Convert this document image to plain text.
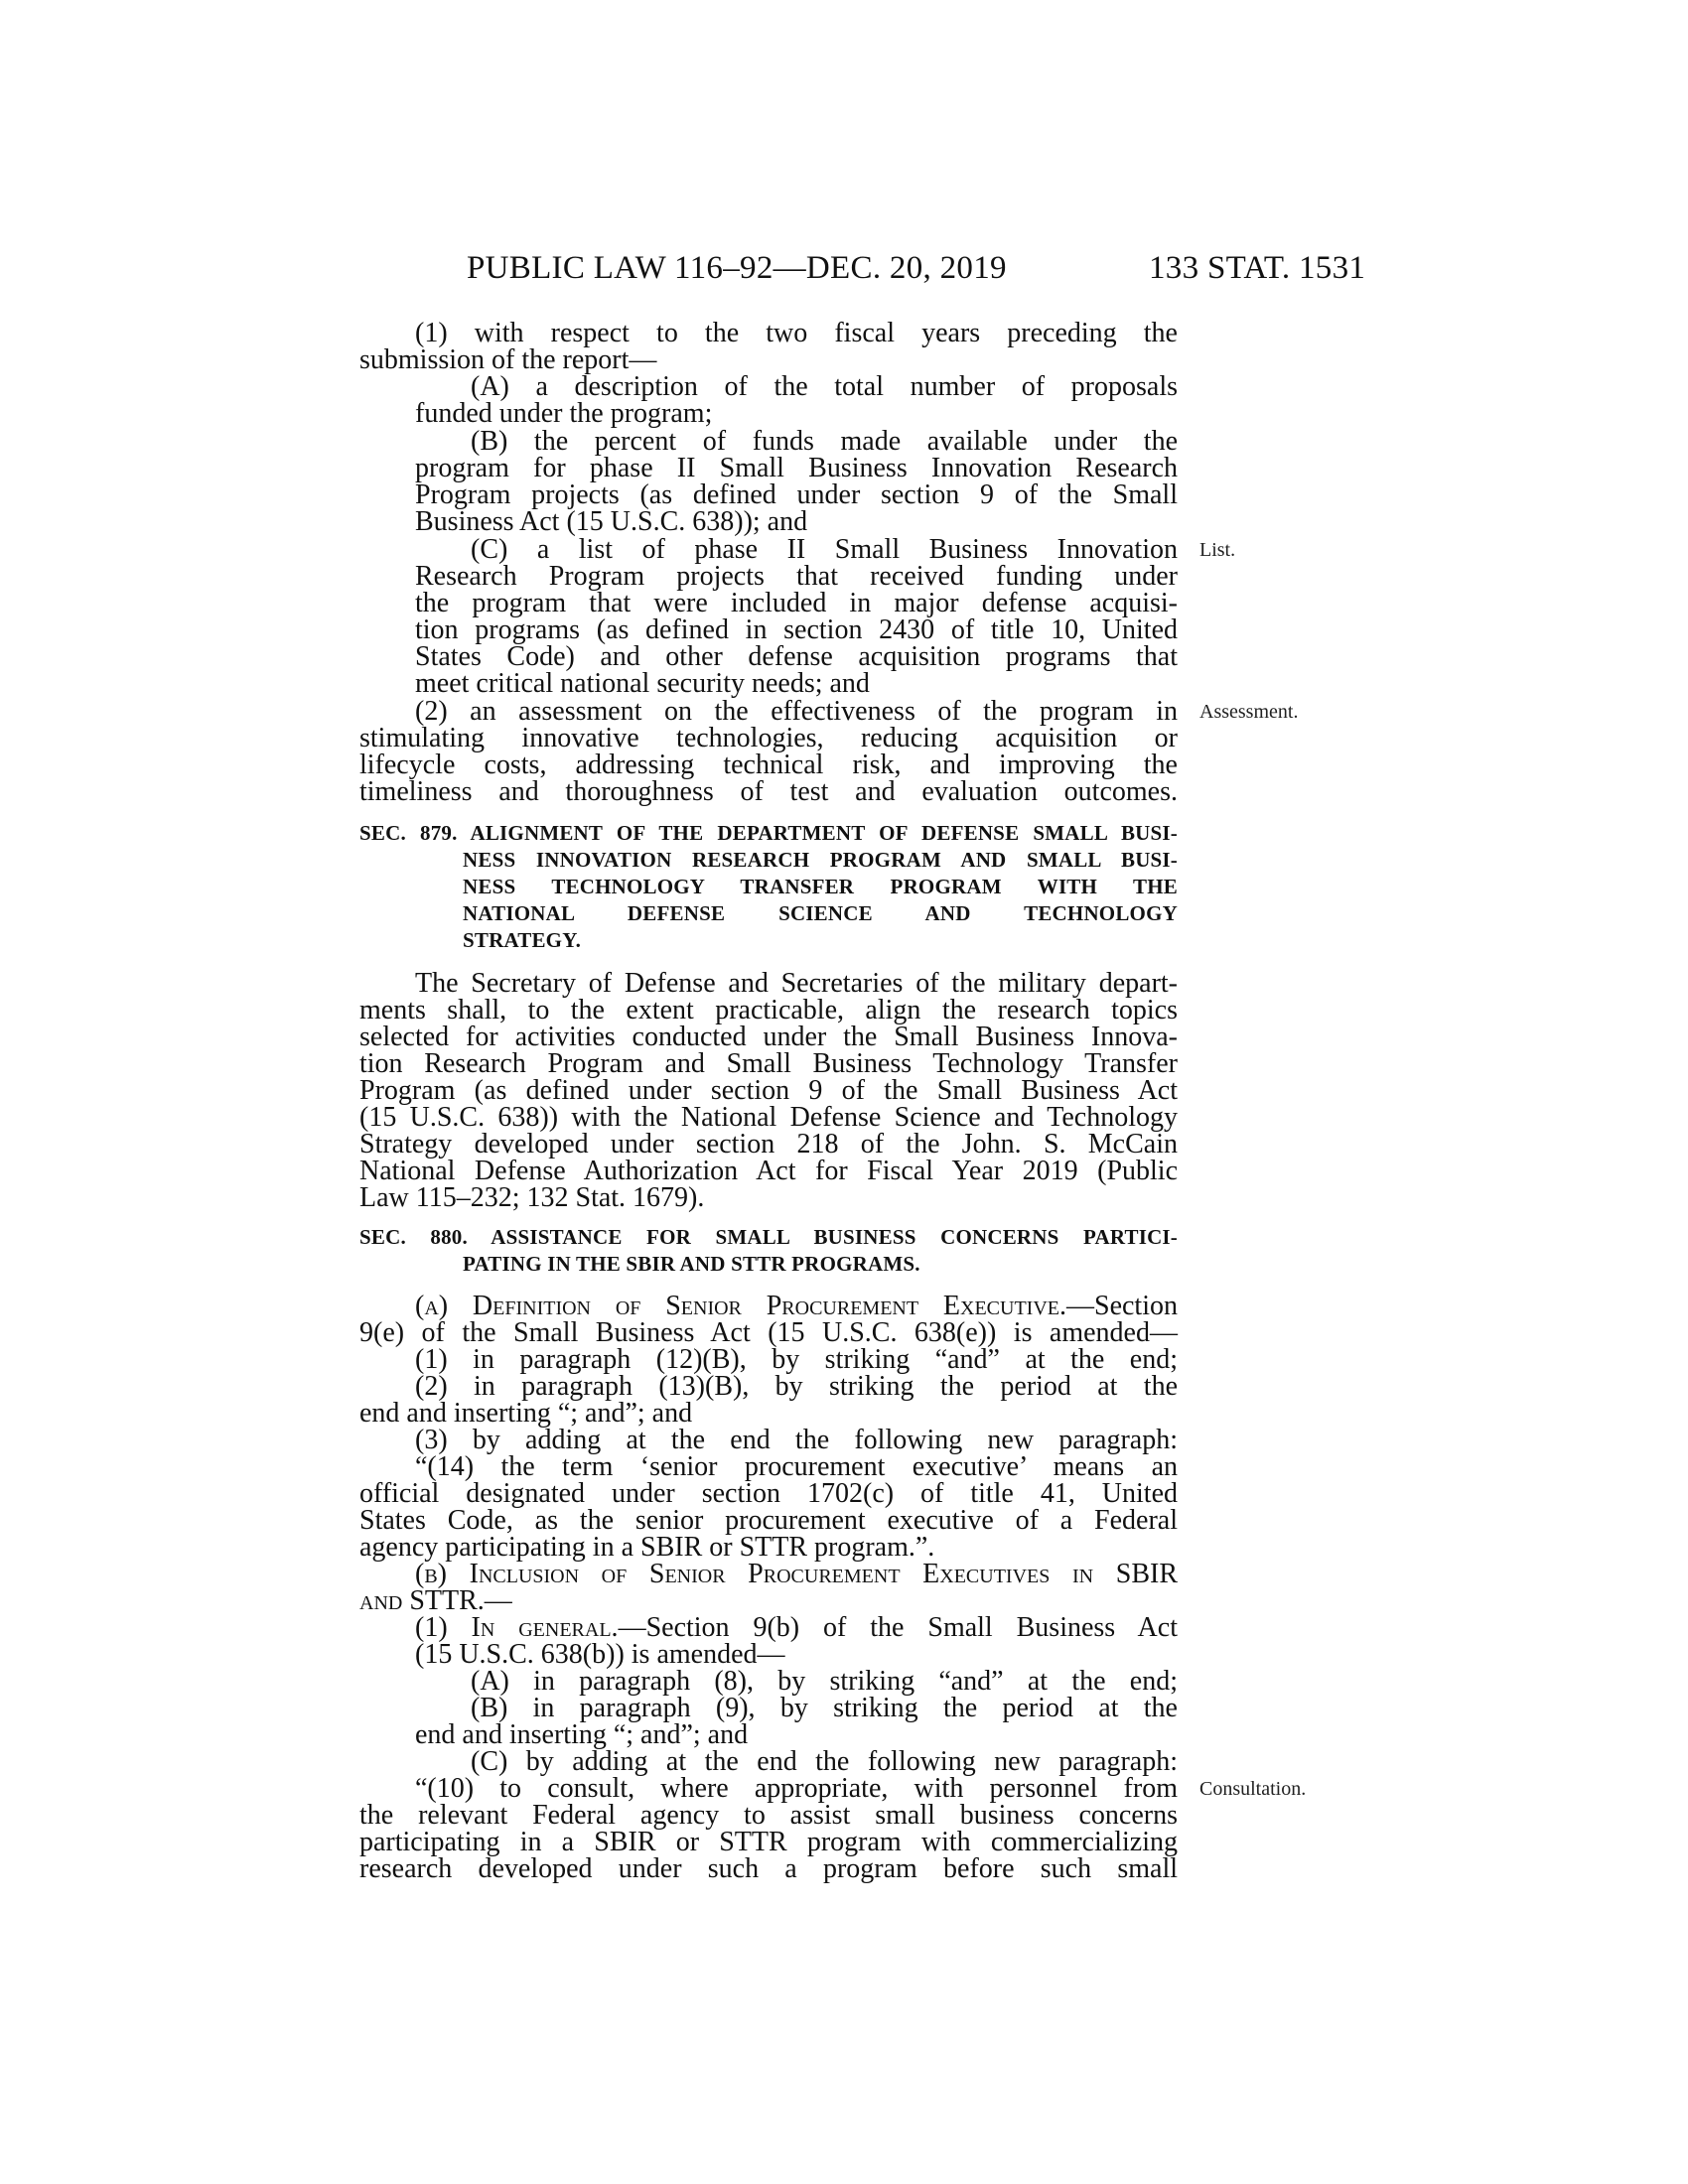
PUBLIC LAW 116–92—DEC. 20, 2019	133 STAT. 1531
(1) with respect to the two fiscal years preceding the
submission of the report—
(A) a description of the total number of proposals
funded under the program;
(B) the percent of funds made available under the
program for phase II Small Business Innovation Research
Program projects (as defined under section 9 of the Small
Business Act (15 U.S.C. 638)); and
(C) a list of phase II Small Business Innovation
Research Program projects that received funding under
the program that were included in major defense acquisi-
tion programs (as defined in section 2430 of title 10, United
States Code) and other defense acquisition programs that
meet critical national security needs; and
(2) an assessment on the effectiveness of the program in
stimulating innovative technologies, reducing acquisition or
lifecycle costs, addressing technical risk, and improving the
timeliness and thoroughness of test and evaluation outcomes.
SEC. 879. ALIGNMENT OF THE DEPARTMENT OF DEFENSE SMALL BUSI-
NESS INNOVATION RESEARCH PROGRAM AND SMALL BUSI-
NESS TECHNOLOGY TRANSFER PROGRAM WITH THE
NATIONAL DEFENSE SCIENCE AND TECHNOLOGY
STRATEGY.
The Secretary of Defense and Secretaries of the military depart-
ments shall, to the extent practicable, align the research topics
selected for activities conducted under the Small Business Innova-
tion Research Program and Small Business Technology Transfer
Program (as defined under section 9 of the Small Business Act
(15 U.S.C. 638)) with the National Defense Science and Technology
Strategy developed under section 218 of the John. S. McCain
National Defense Authorization Act for Fiscal Year 2019 (Public
Law 115–232; 132 Stat. 1679).
SEC. 880. ASSISTANCE FOR SMALL BUSINESS CONCERNS PARTICI-
PATING IN THE SBIR AND STTR PROGRAMS.
(a) Definition of Senior Procurement Executive.—Section
9(e) of the Small Business Act (15 U.S.C. 638(e)) is amended—
(1) in paragraph (12)(B), by striking “and” at the end;
(2) in paragraph (13)(B), by striking the period at the
end and inserting “; and”; and
(3) by adding at the end the following new paragraph:
“(14) the term ‘senior procurement executive’ means an
official designated under section 1702(c) of title 41, United
States Code, as the senior procurement executive of a Federal
agency participating in a SBIR or STTR program.”.
(b) Inclusion of Senior Procurement Executives in SBIR
and STTR.—
(1) In general.—Section 9(b) of the Small Business Act
(15 U.S.C. 638(b)) is amended—
(A) in paragraph (8), by striking “and” at the end;
(B) in paragraph (9), by striking the period at the
end and inserting “; and”; and
(C) by adding at the end the following new paragraph:
“(10) to consult, where appropriate, with personnel from
the relevant Federal agency to assist small business concerns
participating in a SBIR or STTR program with commercializing
research developed under such a program before such small
List.
Assessment.
Consultation.
